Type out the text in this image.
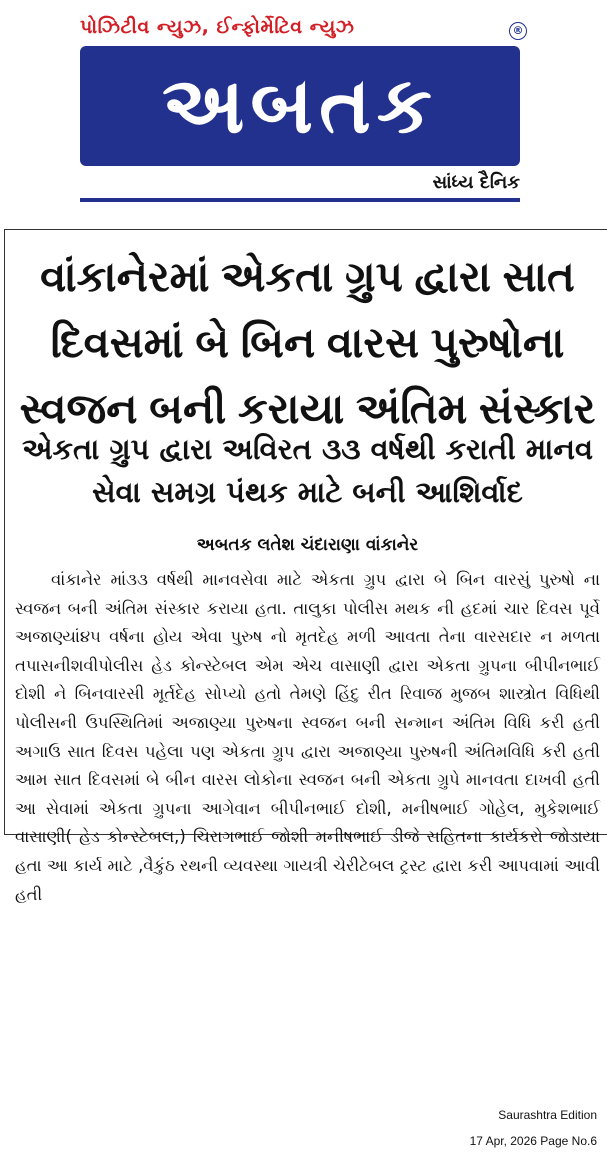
પોઝિટીવ ન્યુઝ, ઈન્ફોર્મેટિવ ન્યુઝ	®
અબતક
સાંધ્ય દૈનિક
વાંકાનેરમાં એકતા ગ્રુપ દ્વારા સાત દિવસમાં બે બિન વારસ પુરુષોના સ્વજન બની કરાયા અંતિમ સંસ્કાર
એકતા ગ્રુપ દ્વારા અવિરત ૩૩ વર્ષથી કરાતી માનવ સેવા સમગ્ર પંથક માટે બની આશિર્વાદ
અબતક લતેશ ચંદારાણા વાંકાનેર

વાંકાનેર માં૩૩ વર્ષથી માનવસેવા માટે એકતા ગ્રુપ દ્વારા બે બિન વારસું પુરુષો ના સ્વજન બની અંતિમ સંસ્કાર કરાયા હતા. તાલુકા પોલીસ મથક ની હદમાં ચાર દિવસ પૂર્વે અજાણ્યાં૪૫ વર્ષના હોય એવા પુરુષ નો મૃતદેહ મળી આવતા તેના વારસદાર ન મળતા તપાસનીશવીપોલીસ હેડ કોન્સ્ટેબલ એમ એચ વાસાણી દ્વારા એકતા ગ્રુપના બીપીનભાઈ દોશી ને બિનવારસી મૂર્તદેહ સોપ્યો હતો તેમણે હિંદુ રીત રિવાજ મુજબ શાસ્ત્રોત વિધિથી પોલીસની ઉપસ્થિતિમાં અજાણ્યા પુરુષના સ્વજન બની સન્માન અંતિમ વિધિ કરી હતી અગાઉ સાત દિવસ પહેલા પણ એકતા ગ્રુપ દ્વારા અજાણ્યા પુરુષની અંતિમવિધિ કરી હતી આમ સાત દિવસમાં બે બીન વારસ લોકોના સ્વજન બની એકતા ગ્રુપે માનવતા દાખવી હતી આ સેવામાં એકતા ગ્રુપના આગેવાન બીપીનભાઈ દોશી, મનીષભાઈ ગોહેલ, મુકેશભાઈ વાસાણી( હેડ કોન્સ્ટેબલ,) ચિરાગભાઈ જોશી મનીષભાઈ ડીજે સહિતના કાર્યકરો જોડાયા હતા આ કાર્ય માટે ,વૈકુંઠ રથની વ્યવસ્થા ગાયત્રી ચેરીટેબલ ટ્રસ્ટ દ્વારા કરી આપવામાં આવી હતી

Saurashtra Edition
17 Apr, 2026 Page No.6
